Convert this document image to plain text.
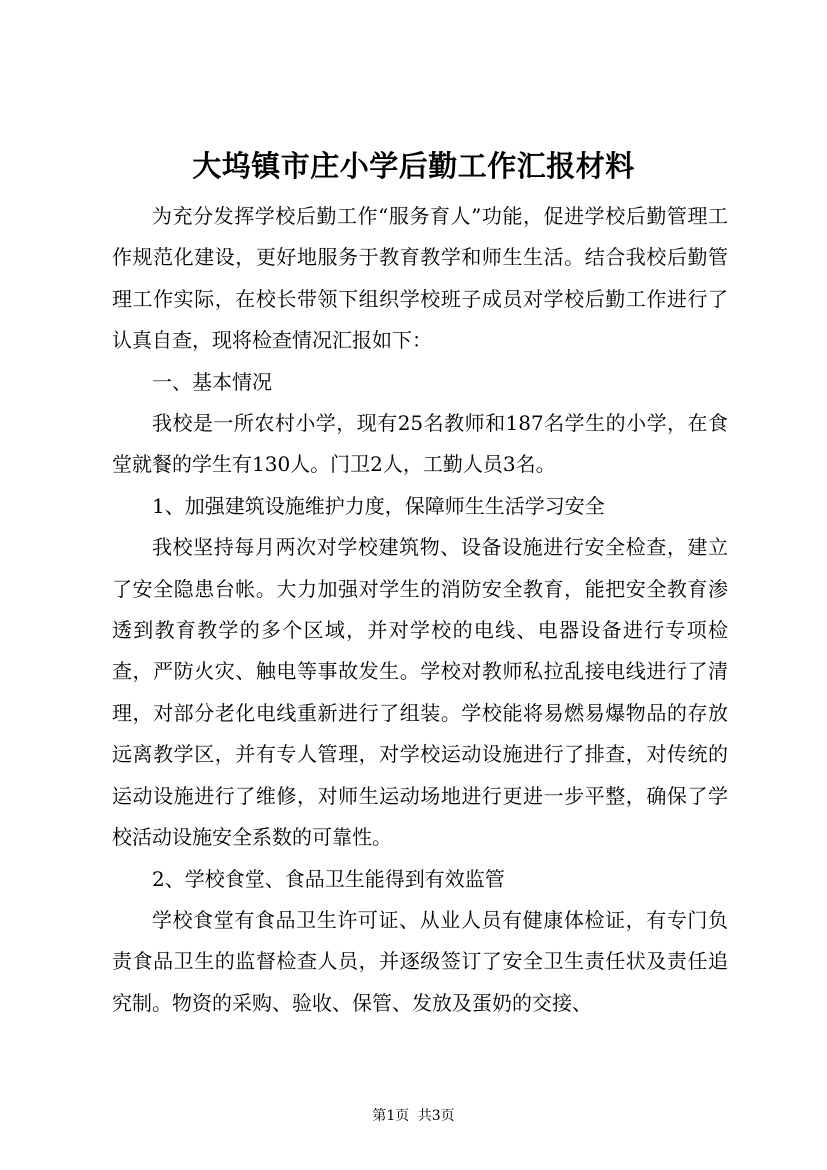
大坞镇市庄小学后勤工作汇报材料

为充分发挥学校后勤工作“服务育人”功能，促进学校后勤管理工作规范化建设，更好地服务于教育教学和师生生活。结合我校后勤管理工作实际，在校长带领下组织学校班子成员对学校后勤工作进行了认真自查，现将检查情况汇报如下：

一、基本情况

我校是一所农村小学，现有25名教师和187名学生的小学，在食堂就餐的学生有130人。门卫2人，工勤人员3名。

1、加强建筑设施维护力度，保障师生生活学习安全

我校坚持每月两次对学校建筑物、设备设施进行安全检查，建立了安全隐患台帐。大力加强对学生的消防安全教育，能把安全教育渗透到教育教学的多个区域，并对学校的电线、电器设备进行专项检查，严防火灾、触电等事故发生。学校对教师私拉乱接电线进行了清理，对部分老化电线重新进行了组装。学校能将易燃易爆物品的存放远离教学区，并有专人管理，对学校运动设施进行了排查，对传统的运动设施进行了维修，对师生运动场地进行更进一步平整，确保了学校活动设施安全系数的可靠性。

2、学校食堂、食品卫生能得到有效监管

学校食堂有食品卫生许可证、从业人员有健康体检证，有专门负责食品卫生的监督检查人员，并逐级签订了安全卫生责任状及责任追究制。物资的采购、验收、保管、发放及蛋奶的交接、

第1页 共3页
